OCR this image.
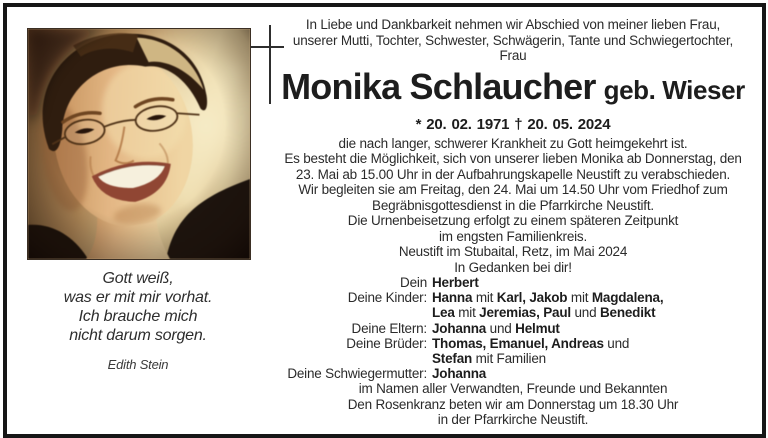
Gott weiß,
was er mit mir vorhat.
Ich brauche mich
nicht darum sorgen.
Edith Stein
In Liebe und Dankbarkeit nehmen wir Abschied von meiner lieben Frau,
unserer Mutti, Tochter, Schwester, Schwägerin, Tante und Schwiegertochter,
Frau
Monika Schlaucher geb. Wieser
* 20. 02. 1971 † 20. 05. 2024
die nach langer, schwerer Krankheit zu Gott heimgekehrt ist.
Es besteht die Möglichkeit, sich von unserer lieben Monika ab Donnerstag, den
23. Mai ab 15.00 Uhr in der Aufbahrungskapelle Neustift zu verabschieden.
Wir begleiten sie am Freitag, den 24. Mai um 14.50 Uhr vom Friedhof zum
Begräbnisgottesdienst in die Pfarrkirche Neustift.
Die Urnenbeisetzung erfolgt zu einem späteren Zeitpunkt
im engsten Familienkreis.
Neustift im Stubaital, Retz, im Mai 2024
In Gedanken bei dir!
Dein Herbert
Deine Kinder: Hanna mit Karl, Jakob mit Magdalena,
Lea mit Jeremias, Paul und Benedikt
Deine Eltern: Johanna und Helmut
Deine Brüder: Thomas, Emanuel, Andreas und
Stefan mit Familien
Deine Schwiegermutter: Johanna
im Namen aller Verwandten, Freunde und Bekannten
Den Rosenkranz beten wir am Donnerstag um 18.30 Uhr
in der Pfarrkirche Neustift.
